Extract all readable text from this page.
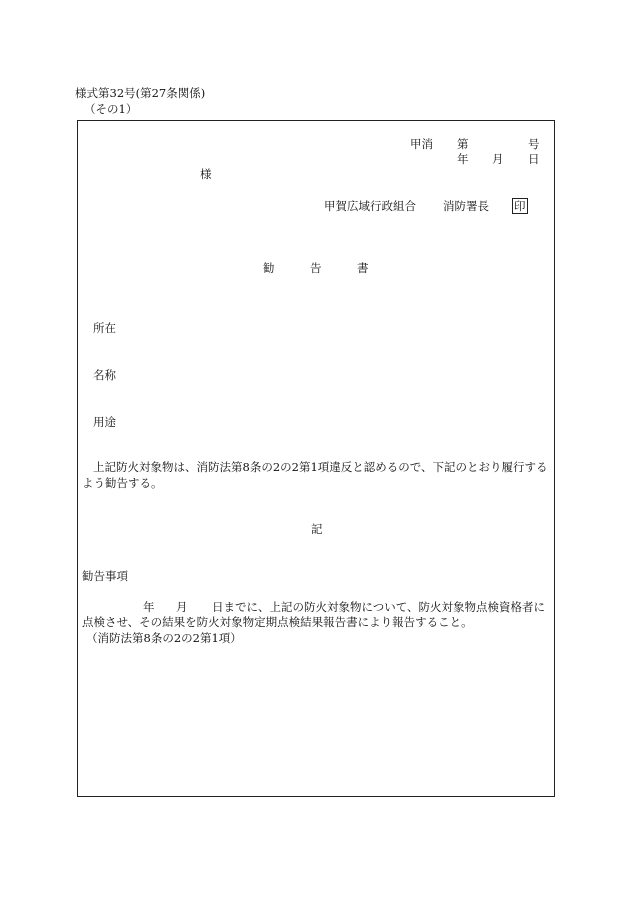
様式第32号(第27条関係)
（その1）
甲消 第	号
年 月 日
様
甲賀広域行政組合 消防署長 印
勧	告	書
所在
名称
用途
上記防火対象物は、消防法第8条の2の2第1項違反と認めるので、下記のとおり履行する
よう勧告する。
記
勧告事項
年 月 日までに、上記の防火対象物について、防火対象物点検資格者に
点検させ、その結果を防火対象物定期点検結果報告書により報告すること。
（消防法第8条の2の2第1項）
